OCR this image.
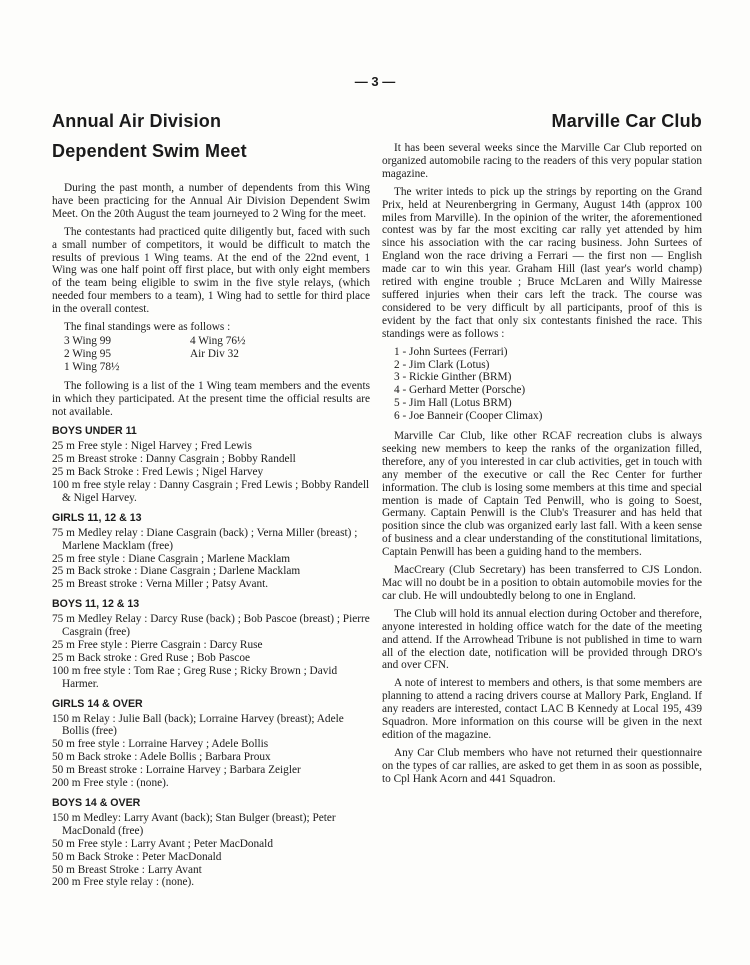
— 3 —
Annual Air Division
Dependent Swim Meet

During the past month, a number of dependents from this Wing have been practicing for the Annual Air Division Dependent Swim Meet. On the 20th August the team journeyed to 2 Wing for the meet.

The contestants had practiced quite diligently but, faced with such a small number of competitors, it would be difficult to match the results of previous 1 Wing teams. At the end of the 22nd event, 1 Wing was one half point off first place, but with only eight members of the team being eligible to swim in the five style relays, (which needed four members to a team), 1 Wing had to settle for third place in the overall contest.

The final standings were as follows :

3 Wing 99	4 Wing 76½
2 Wing 95	Air Div 32
1 Wing 78½

The following is a list of the 1 Wing team members and the events in which they participated. At the present time the official results are not available.

BOYS UNDER 11
25 m Free style : Nigel Harvey ; Fred Lewis
25 m Breast stroke : Danny Casgrain ; Bobby Randell
25 m Back Stroke : Fred Lewis ; Nigel Harvey
100 m free style relay : Danny Casgrain ; Fred Lewis ; Bobby Randell & Nigel Harvey.
GIRLS 11, 12 & 13
75 m Medley relay : Diane Casgrain (back) ; Verna Miller (breast) ; Marlene Macklam (free)
25 m free style : Diane Casgrain ; Marlene Macklam
25 m Back stroke : Diane Casgrain ; Darlene Macklam
25 m Breast stroke : Verna Miller ; Patsy Avant.
BOYS 11, 12 & 13
75 m Medley Relay : Darcy Ruse (back) ; Bob Pascoe (breast) ; Pierre Casgrain (free)
25 m Free style : Pierre Casgrain : Darcy Ruse
25 m Back stroke : Gred Ruse ; Bob Pascoe
100 m free style : Tom Rae ; Greg Ruse ; Ricky Brown ; David Harmer.
GIRLS 14 & OVER
150 m Relay : Julie Ball (back); Lorraine Harvey (breast); Adele Bollis (free)
50 m free style : Lorraine Harvey ; Adele Bollis
50 m Back stroke : Adele Bollis ; Barbara Proux
50 m Breast stroke : Lorraine Harvey ; Barbara Zeigler
200 m Free style : (none).
BOYS 14 & OVER
150 m Medley: Larry Avant (back); Stan Bulger (breast); Peter MacDonald (free)
50 m Free style : Larry Avant ; Peter MacDonald
50 m Back Stroke : Peter MacDonald
50 m Breast Stroke : Larry Avant
200 m Free style relay : (none).
Marville Car Club

It has been several weeks since the Marville Car Club reported on organized automobile racing to the readers of this very popular station magazine.

The writer inteds to pick up the strings by reporting on the Grand Prix, held at Neurenbergring in Germany, August 14th (approx 100 miles from Marville). In the opinion of the writer, the aforementioned contest was by far the most exciting car rally yet attended by him since his association with the car racing business. John Surtees of England won the race driving a Ferrari — the first non — English made car to win this year. Graham Hill (last year's world champ) retired with engine trouble ; Bruce McLaren and Willy Mairesse suffered injuries when their cars left the track. The course was considered to be very difficult by all participants, proof of this is evident by the fact that only six contestants finished the race. This standings were as follows :

1 - John Surtees (Ferrari)
2 - Jim Clark (Lotus)
3 - Rickie Ginther (BRM)
4 - Gerhard Metter (Porsche)
5 - Jim Hall (Lotus BRM)
6 - Joe Banneir (Cooper Climax)

Marville Car Club, like other RCAF recreation clubs is always seeking new members to keep the ranks of the organization filled, therefore, any of you interested in car club activities, get in touch with any member of the executive or call the Rec Center for further information. The club is losing some members at this time and special mention is made of Captain Ted Penwill, who is going to Soest, Germany. Captain Penwill is the Club's Treasurer and has held that position since the club was organized early last fall. With a keen sense of business and a clear understanding of the constitutional limitations, Captain Penwill has been a guiding hand to the members.

MacCreary (Club Secretary) has been transferred to CJS London. Mac will no doubt be in a position to obtain automobile movies for the car club. He will undoubtedly belong to one in England.

The Club will hold its annual election during October and therefore, anyone interested in holding office watch for the date of the meeting and attend. If the Arrowhead Tribune is not published in time to warn all of the election date, notification will be provided through DRO's and over CFN.

A note of interest to members and others, is that some members are planning to attend a racing drivers course at Mallory Park, England. If any readers are interested, contact LAC B Kennedy at Local 195, 439 Squadron. More information on this course will be given in the next edition of the magazine.

Any Car Club members who have not returned their questionnaire on the types of car rallies, are asked to get them in as soon as possible, to Cpl Hank Acorn and 441 Squadron.
